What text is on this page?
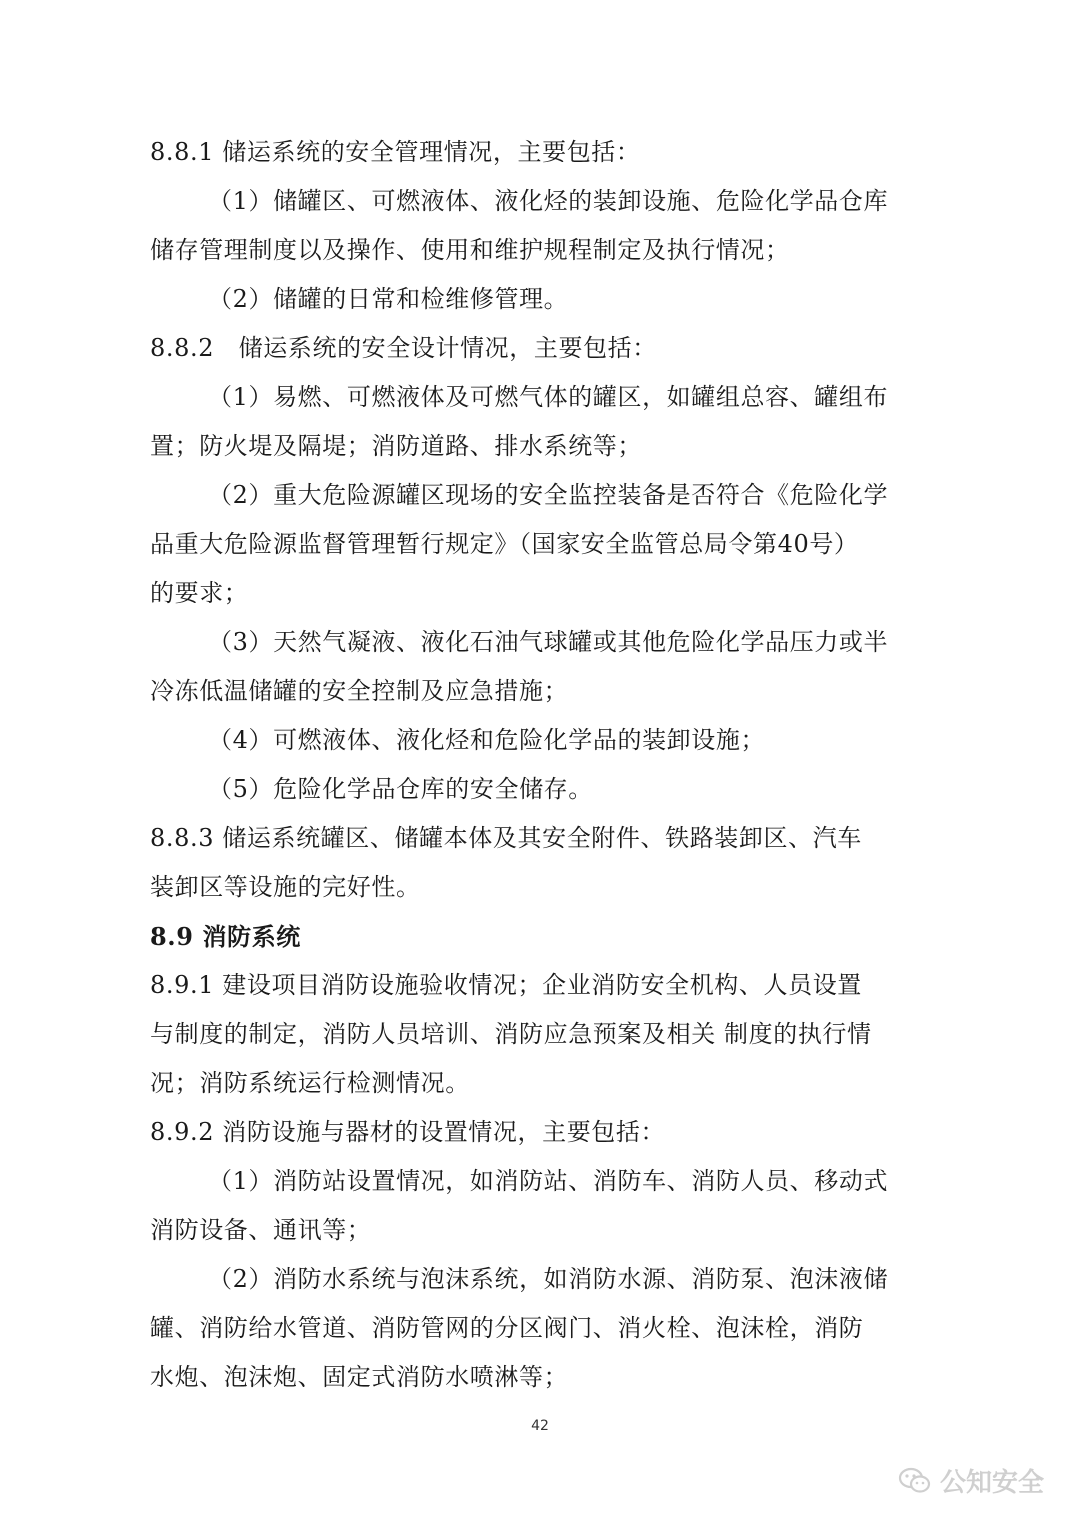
8.8.1 储运系统的安全管理情况，主要包括：
（1）储罐区、可燃液体、液化烃的装卸设施、危险化学品仓库
储存管理制度以及操作、使用和维护规程制定及执行情况；
（2）储罐的日常和检维修管理。
8.8.2　储运系统的安全设计情况，主要包括：
（1）易燃、可燃液体及可燃气体的罐区，如罐组总容、罐组布
置；防火堤及隔堤；消防道路、排水系统等；
（2）重大危险源罐区现场的安全监控装备是否符合《危险化学
品重大危险源监督管理暂行规定》（国家安全监管总局令第40号）
的要求；
（3）天然气凝液、液化石油气球罐或其他危险化学品压力或半
冷冻低温储罐的安全控制及应急措施；
（4）可燃液体、液化烃和危险化学品的装卸设施；
（5）危险化学品仓库的安全储存。
8.8.3 储运系统罐区、储罐本体及其安全附件、铁路装卸区、汽车
装卸区等设施的完好性。
8.9 消防系统
8.9.1 建设项目消防设施验收情况；企业消防安全机构、人员设置
与制度的制定，消防人员培训、消防应急预案及相关 制度的执行情
况；消防系统运行检测情况。
8.9.2 消防设施与器材的设置情况，主要包括：
（1）消防站设置情况，如消防站、消防车、消防人员、移动式
消防设备、通讯等；
（2）消防水系统与泡沫系统，如消防水源、消防泵、泡沫液储
罐、消防给水管道、消防管网的分区阀门、消火栓、泡沫栓，消防
水炮、泡沫炮、固定式消防水喷淋等；
42
公知安全
